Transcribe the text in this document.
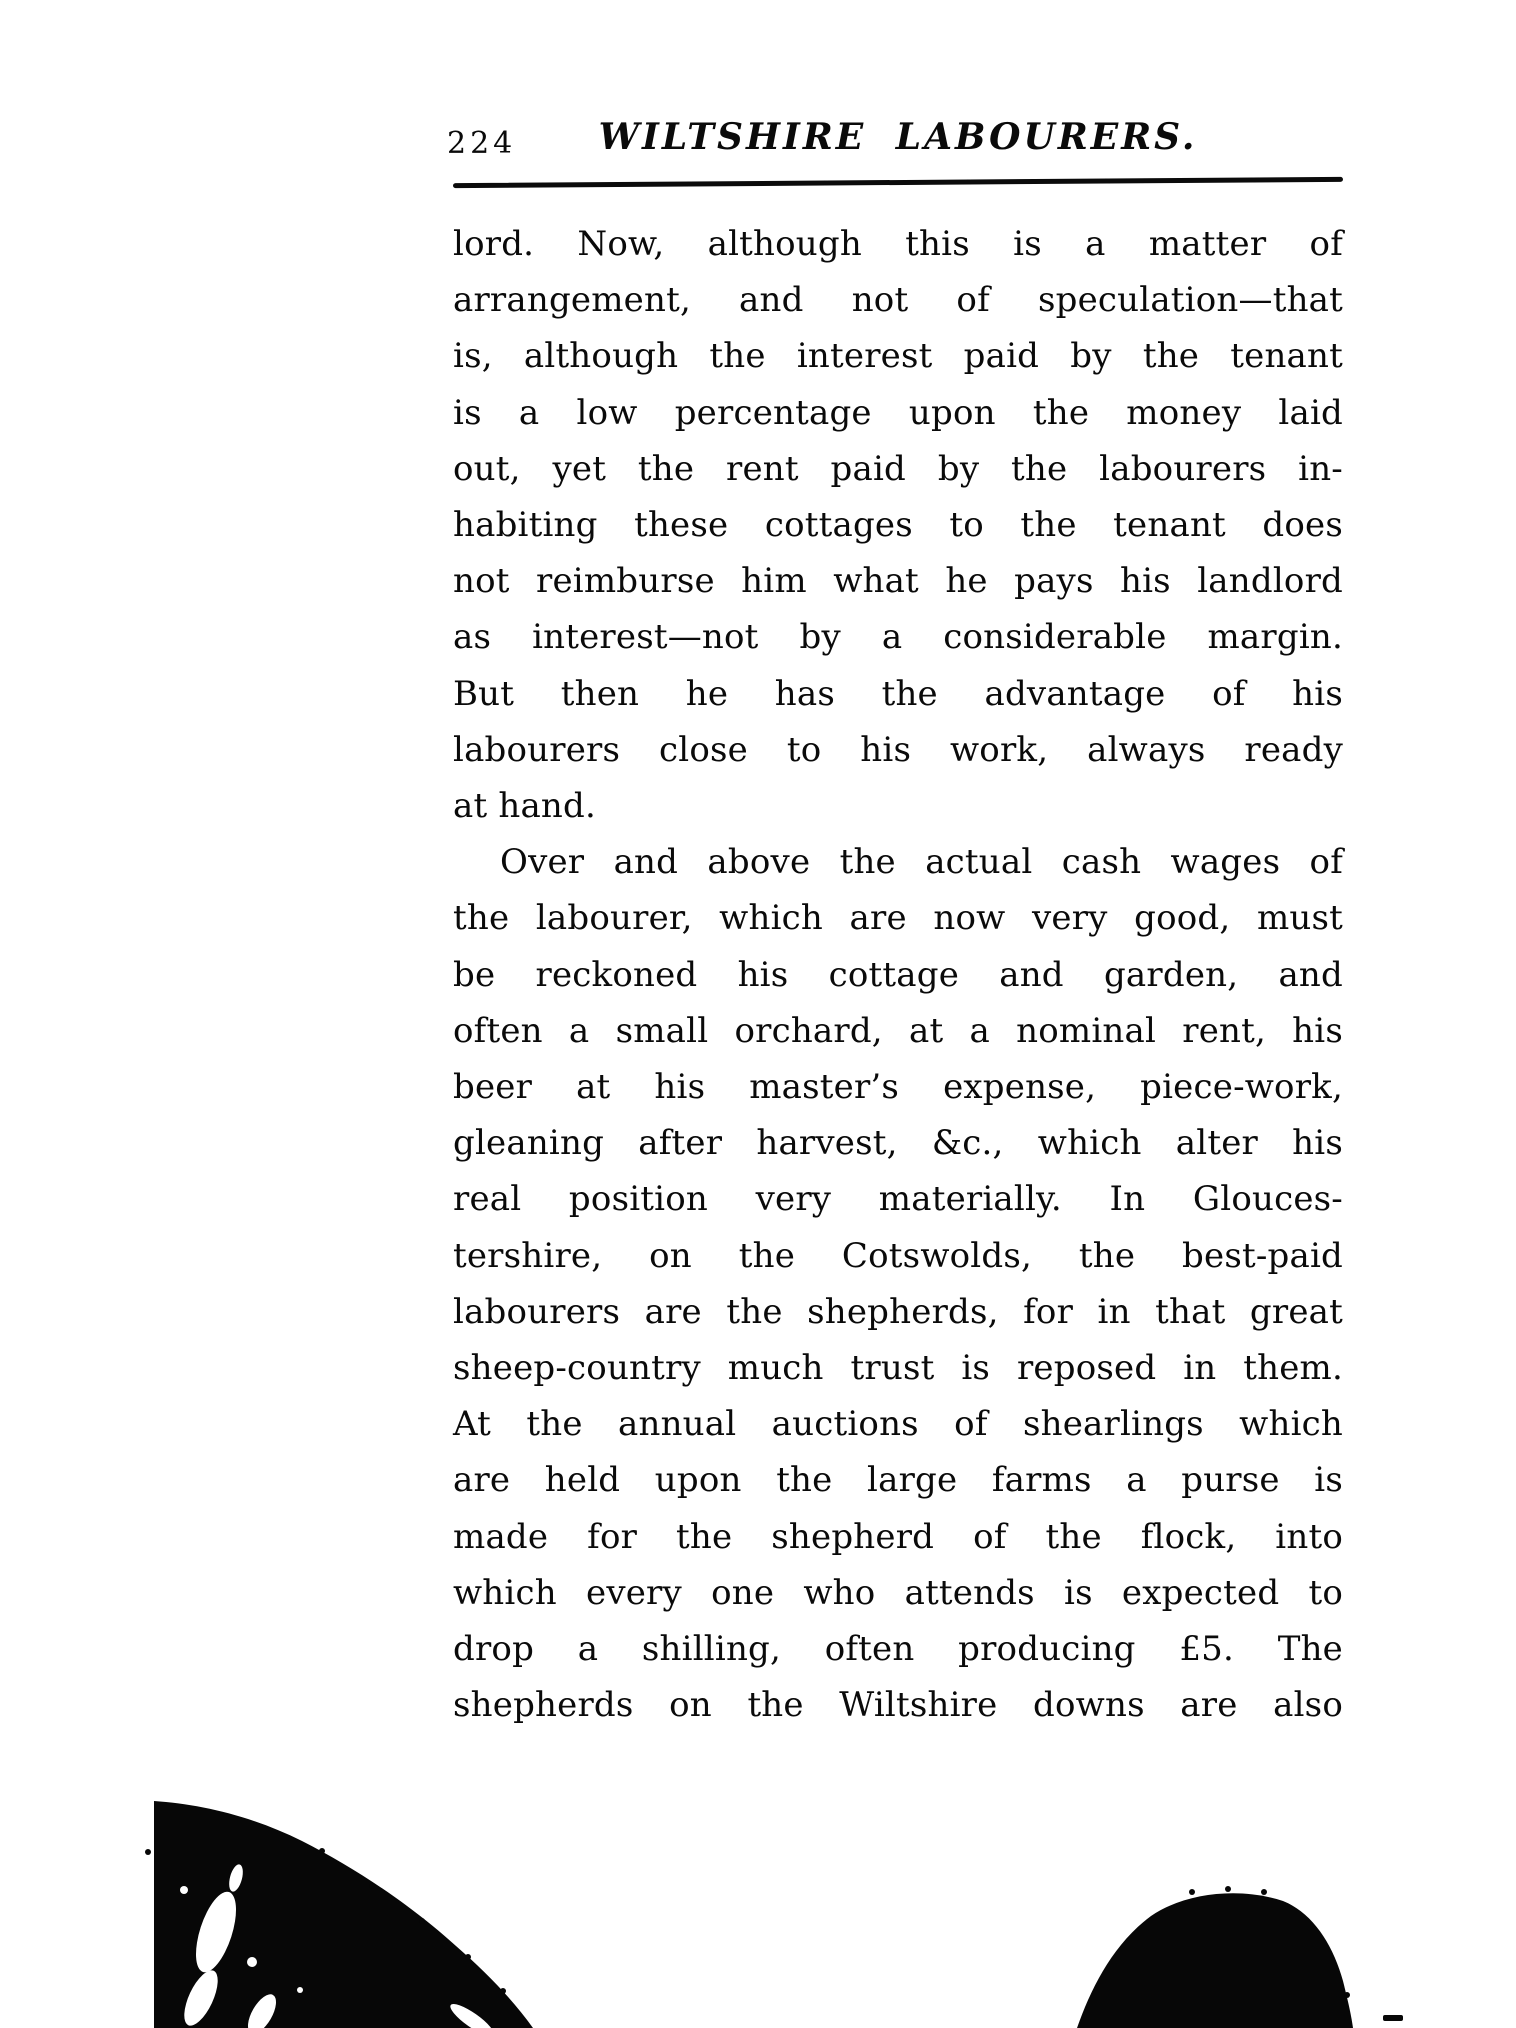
224	WILTSHIRE LABOURERS.
lord. Now, although this is a matter of
arrangement, and not of speculation—that
is, although the interest paid by the tenant
is a low percentage upon the money laid
out, yet the rent paid by the labourers in-
habiting these cottages to the tenant does
not reimburse him what he pays his landlord
as interest—not by a considerable margin.
But then he has the advantage of his
labourers close to his work, always ready
at hand.
Over and above the actual cash wages of
the labourer, which are now very good, must
be reckoned his cottage and garden, and
often a small orchard, at a nominal rent, his
beer at his master’s expense, piece-work,
gleaning after harvest, &c., which alter his
real position very materially. In Glouces-
tershire, on the Cotswolds, the best-paid
labourers are the shepherds, for in that great
sheep-country much trust is reposed in them.
At the annual auctions of shearlings which
are held upon the large farms a purse is
made for the shepherd of the flock, into
which every one who attends is expected to
drop a shilling, often producing £5. The
shepherds on the Wiltshire downs are also
